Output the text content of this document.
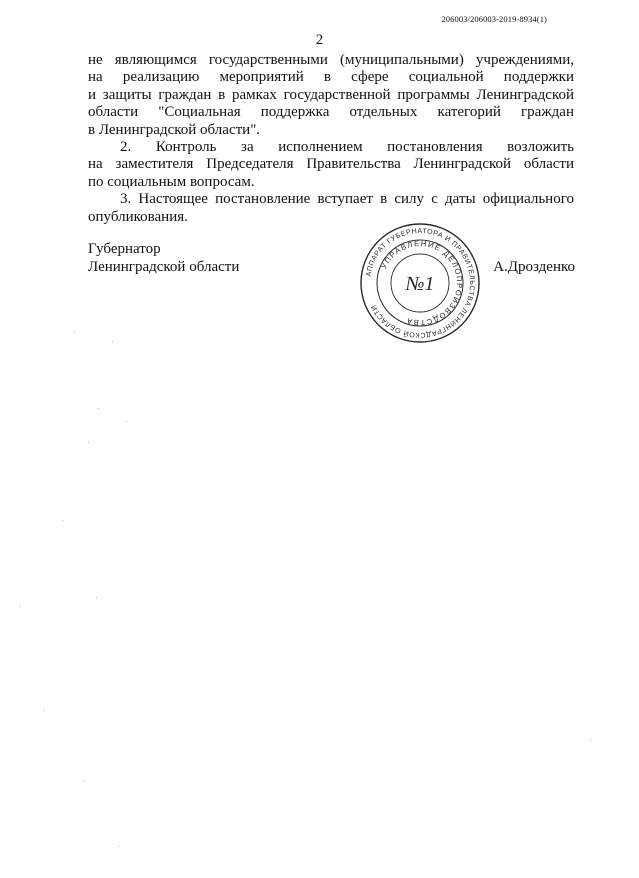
206003/206003-2019-8934(1)
2
не являющимся государственными (муниципальными) учреждениями,
на реализацию мероприятий в сфере социальной поддержки
и защиты граждан в рамках государственной программы Ленинградской
области "Социальная поддержка отдельных категорий граждан
в Ленинградской области".
2. Контроль за исполнением постановления возложить
на заместителя Председателя Правительства Ленинградской области
по социальным вопросам.
3. Настоящее постановление вступает в силу с даты официального
опубликования.
Губернатор
Ленинградской области	А.Дрозденко
АППАРАТ ГУБЕРНАТОРА И ПРАВИТЕЛЬСТВА ЛЕНИНГРАДСКОЙ ОБЛАСТИ
УПРАВЛЕНИЕ ДЕЛОПРОИЗВОДСТВА
№1
